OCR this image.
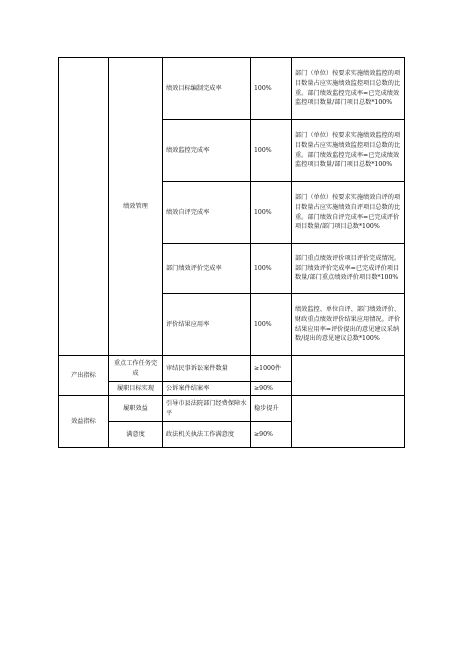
	绩效管理	绩效目标编制完成率	100%	部门（单位）按要求实施绩效监控的项目数量占应实施绩效监控项目总数的比重。部门绩效监控完成率=已完成绩效监控项目数量/部门项目总数*100%
		绩效监控完成率	100%	部门（单位）按要求实施绩效监控的项目数量占应实施绩效监控项目总数的比重。部门绩效监控完成率=已完成绩效监控项目数量/部门项目总数*100%
		绩效自评完成率	100%	部门（单位）按要求实施绩效自评的项目数量占应实施绩效自评项目总数的比重。部门绩效自评完成率=已完成评价项目数量/部门项目总数*100%
		部门绩效评价完成率	100%	部门重点绩效评价项目评价完成情况。部门绩效评价完成率=已完成评价项目数量/部门重点绩效评价项目数*100%
		评价结果应用率	100%	绩效监控、单位自评、部门绩效评价、财政重点绩效评价结果应用情况。评价结果应用率=评价提出的意见建议采纳数/提出的意见建议总数*100%
产出指标	重点工作任务完成	审结民事诉讼案件数量	≥1000件	
	履职目标实现	公诉案件结案率	≥90%	
效益指标	履职效益	引导市县法院部门经费保障水平	稳步提升	
	满意度	政法机关执法工作满意度	≥90%	
